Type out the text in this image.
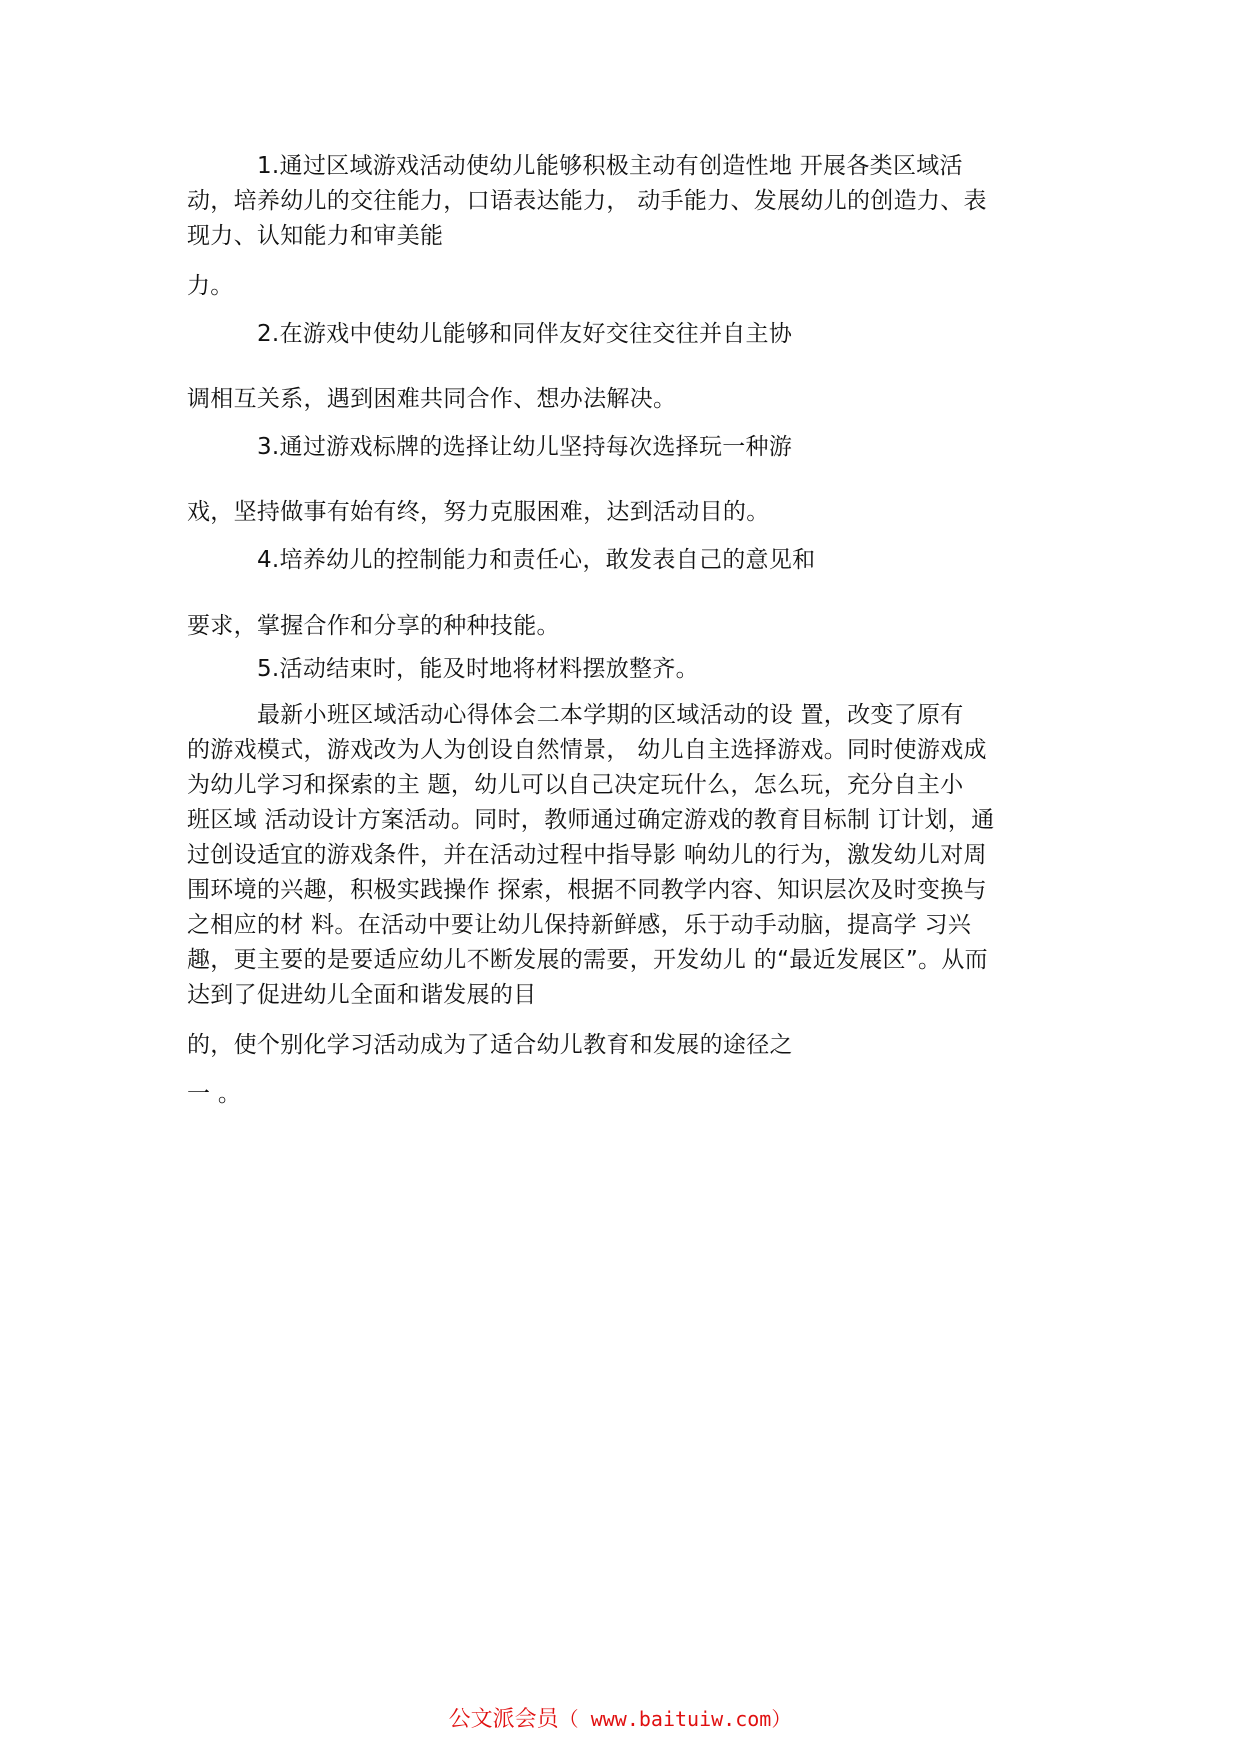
1.通过区域游戏活动使幼儿能够积极主动有创造性地 开展各类区域活
动，培养幼儿的交往能力，口语表达能力， 动手能力、发展幼儿的创造力、表
现力、认知能力和审美能
力。
2.在游戏中使幼儿能够和同伴友好交往交往并自主协
调相互关系，遇到困难共同合作、想办法解决。
3.通过游戏标牌的选择让幼儿坚持每次选择玩一种游
戏，坚持做事有始有终，努力克服困难，达到活动目的。
4.培养幼儿的控制能力和责任心，敢发表自己的意见和
要求，掌握合作和分享的种种技能。
5.活动结束时，能及时地将材料摆放整齐。
最新小班区域活动心得体会二本学期的区域活动的设 置，改变了原有
的游戏模式，游戏改为人为创设自然情景， 幼儿自主选择游戏。同时使游戏成
为幼儿学习和探索的主 题，幼儿可以自己决定玩什么，怎么玩，充分自主小
班区域 活动设计方案活动。同时，教师通过确定游戏的教育目标制 订计划，通
过创设适宜的游戏条件，并在活动过程中指导影 响幼儿的行为，激发幼儿对周
围环境的兴趣，积极实践操作 探索，根据不同教学内容、知识层次及时变换与
之相应的材 料。在活动中要让幼儿保持新鲜感，乐于动手动脑，提高学 习兴
趣，更主要的是要适应幼儿不断发展的需要，开发幼儿 的“最近发展区”。从而
达到了促进幼儿全面和谐发展的目
的，使个别化学习活动成为了适合幼儿教育和发展的途径之
一 。
公文派会员（ www.baituiw.com）
